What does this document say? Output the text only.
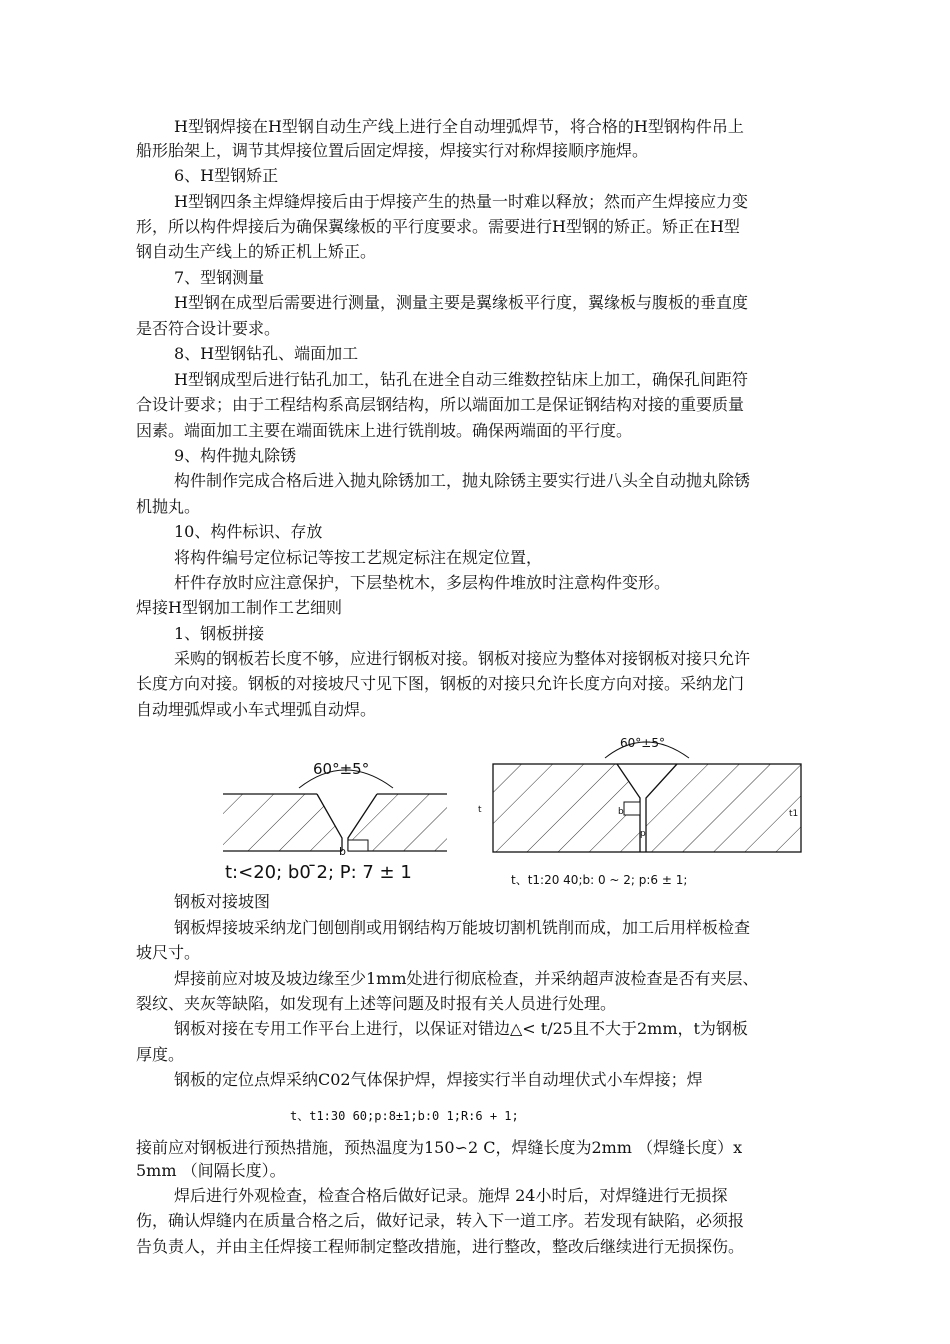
H型钢焊接在H型钢自动生产线上进行全自动埋弧焊节，将合格的H型钢构件吊上
船形胎架上，调节其焊接位置后固定焊接，焊接实行对称焊接顺序施焊。
6、H型钢矫正
H型钢四条主焊缝焊接后由于焊接产生的热量一时难以释放；然而产生焊接应力变
形，所以构件焊接后为确保翼缘板的平行度要求。需要进行H型钢的矫正。矫正在H型
钢自动生产线上的矫正机上矫正。
7、型钢测量
H型钢在成型后需要进行测量，测量主要是翼缘板平行度，翼缘板与腹板的垂直度
是否符合设计要求。
8、H型钢钻孔、端面加工
H型钢成型后进行钻孔加工，钻孔在进全自动三维数控钻床上加工，确保孔间距符
合设计要求；由于工程结构系高层钢结构，所以端面加工是保证钢结构对接的重要质量
因素。端面加工主要在端面铣床上进行铣削坡。确保两端面的平行度。
9、构件抛丸除锈
构件制作完成合格后进入抛丸除锈加工，抛丸除锈主要实行进八头全自动抛丸除锈
机抛丸。
10、构件标识、存放
将构件编号定位标记等按工艺规定标注在规定位置，
杆件存放时应注意保护，下层垫枕木，多层构件堆放时注意构件变形。
焊接H型钢加工制作工艺细则
1、钢板拼接
采购的钢板若长度不够，应进行钢板对接。钢板对接应为整体对接钢板对接只允许
长度方向对接。钢板的对接坡尺寸见下图，钢板的对接只允许长度方向对接。采纳龙门
自动埋弧焊或小车式埋弧自动焊。
60°±5°
b
t:<20; b0 ̄2; P: 7 ± 1
60°±5°
b
p
t	t1
t、t1:20 40;b: 0 ~ 2; p:6 ± 1;
钢板对接坡图
钢板焊接坡采纳龙门刨刨削或用钢结构万能坡切割机铣削而成，加工后用样板检查
坡尺寸。
焊接前应对坡及坡边缘至少1mm处进行彻底检查，并采纳超声波检查是否有夹层、
裂纹、夹灰等缺陷，如发现有上述等问题及时报有关人员进行处理。
钢板对接在专用工作平台上进行，以保证对错边△< t/25且不大于2mm，t为钢板
厚度。
钢板的定位点焊采纳C02气体保护焊，焊接实行半自动埋伏式小车焊接；焊
t、t1:30 60;p:8±1;b:0 1;R:6 + 1;
接前应对钢板进行预热措施，预热温度为150∽2 C，焊缝长度为2mm （焊缝长度）x
5mm （间隔长度）。
焊后进行外观检查，检查合格后做好记录。施焊 24小时后，对焊缝进行无损探
伤，确认焊缝内在质量合格之后，做好记录，转入下一道工序。若发现有缺陷，必须报
告负责人，并由主任焊接工程师制定整改措施，进行整改，整改后继续进行无损探伤。
